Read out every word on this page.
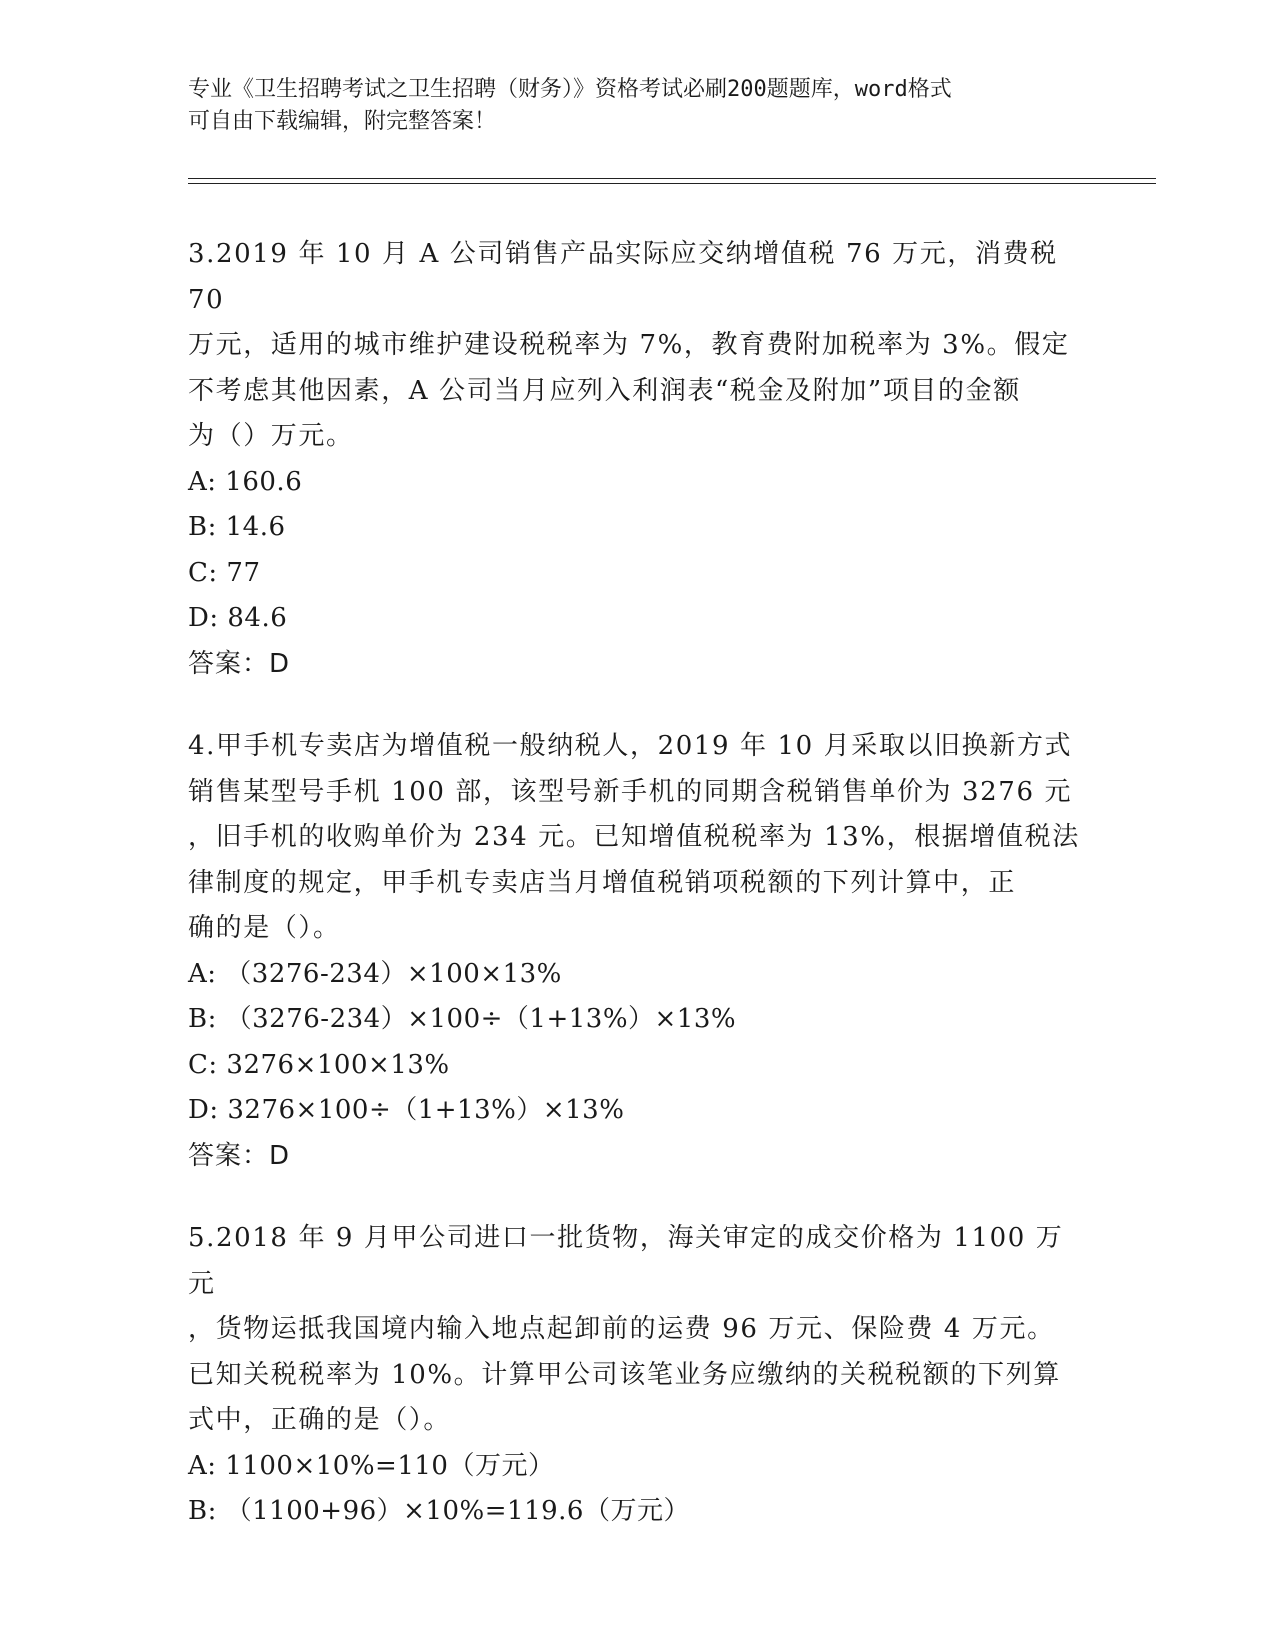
专业《卫生招聘考试之卫生招聘（财务）》资格考试必刷200题题库，word格式
可自由下载编辑，附完整答案！

3.2019 年 10 月 A 公司销售产品实际应交纳增值税 76 万元，消费税 70

万元，适用的城市维护建设税税率为 7%，教育费附加税率为 3%。假定

不考虑其他因素，A 公司当月应列入利润表“税金及附加”项目的金额

为（）万元。

A: 160.6

B: 14.6

C: 77

D: 84.6

答案：D

4.甲手机专卖店为增值税一般纳税人，2019 年 10 月采取以旧换新方式

销售某型号手机 100 部，该型号新手机的同期含税销售单价为 3276 元

，旧手机的收购单价为 234 元。已知增值税税率为 13%，根据增值税法

律制度的规定，甲手机专卖店当月增值税销项税额的下列计算中，正

确的是（）。

A: （3276-234）×100×13%

B: （3276-234）×100÷（1+13%）×13%

C: 3276×100×13%

D: 3276×100÷（1+13%）×13%

答案：D

5.2018 年 9 月甲公司进口一批货物，海关审定的成交价格为 1100 万元

，货物运抵我国境内输入地点起卸前的运费 96 万元、保险费 4 万元。

已知关税税率为 10%。计算甲公司该笔业务应缴纳的关税税额的下列算

式中，正确的是（）。

A: 1100×10%=110（万元）

B: （1100+96）×10%=119.6（万元）
